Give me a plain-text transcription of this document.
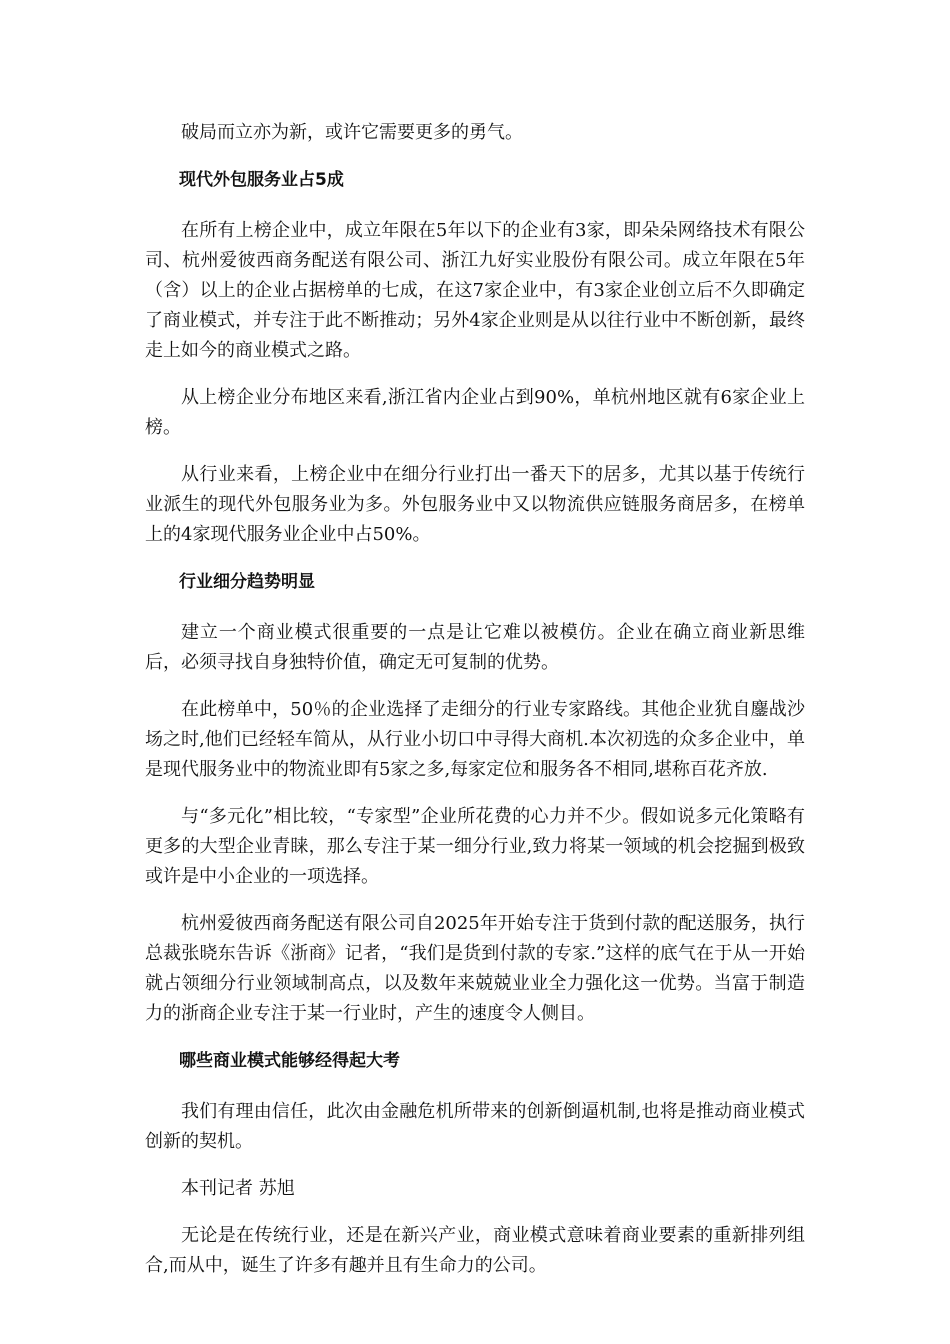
破局而立亦为新，或许它需要更多的勇气。

现代外包服务业占5成

在所有上榜企业中，成立年限在5年以下的企业有3家，即朵朵网络技术有限公司、杭州爱彼西商务配送有限公司、浙江九好实业股份有限公司。成立年限在5年（含）以上的企业占据榜单的七成，在这7家企业中，有3家企业创立后不久即确定了商业模式，并专注于此不断推动；另外4家企业则是从以往行业中不断创新，最终走上如今的商业模式之路。

从上榜企业分布地区来看,浙江省内企业占到90%，单杭州地区就有6家企业上榜。

从行业来看，上榜企业中在细分行业打出一番天下的居多，尤其以基于传统行业派生的现代外包服务业为多。外包服务业中又以物流供应链服务商居多，在榜单上的4家现代服务业企业中占50%。

行业细分趋势明显

建立一个商业模式很重要的一点是让它难以被模仿。企业在确立商业新思维后，必须寻找自身独特价值，确定无可复制的优势。

在此榜单中，50％的企业选择了走细分的行业专家路线。其他企业犹自鏖战沙场之时,他们已经轻车简从，从行业小切口中寻得大商机.本次初选的众多企业中，单是现代服务业中的物流业即有5家之多,每家定位和服务各不相同,堪称百花齐放.

与“多元化”相比较，“专家型”企业所花费的心力并不少。假如说多元化策略有更多的大型企业青睐，那么专注于某一细分行业,致力将某一领域的机会挖掘到极致或许是中小企业的一项选择。

杭州爱彼西商务配送有限公司自2025年开始专注于货到付款的配送服务，执行总裁张晓东告诉《浙商》记者，“我们是货到付款的专家.”这样的底气在于从一开始就占领细分行业领域制高点，以及数年来兢兢业业全力强化这一优势。当富于制造力的浙商企业专注于某一行业时，产生的速度令人侧目。

哪些商业模式能够经得起大考

我们有理由信任，此次由金融危机所带来的创新倒逼机制,也将是推动商业模式创新的契机。

本刊记者 苏旭

无论是在传统行业，还是在新兴产业，商业模式意味着商业要素的重新排列组合,而从中，诞生了许多有趣并且有生命力的公司。
